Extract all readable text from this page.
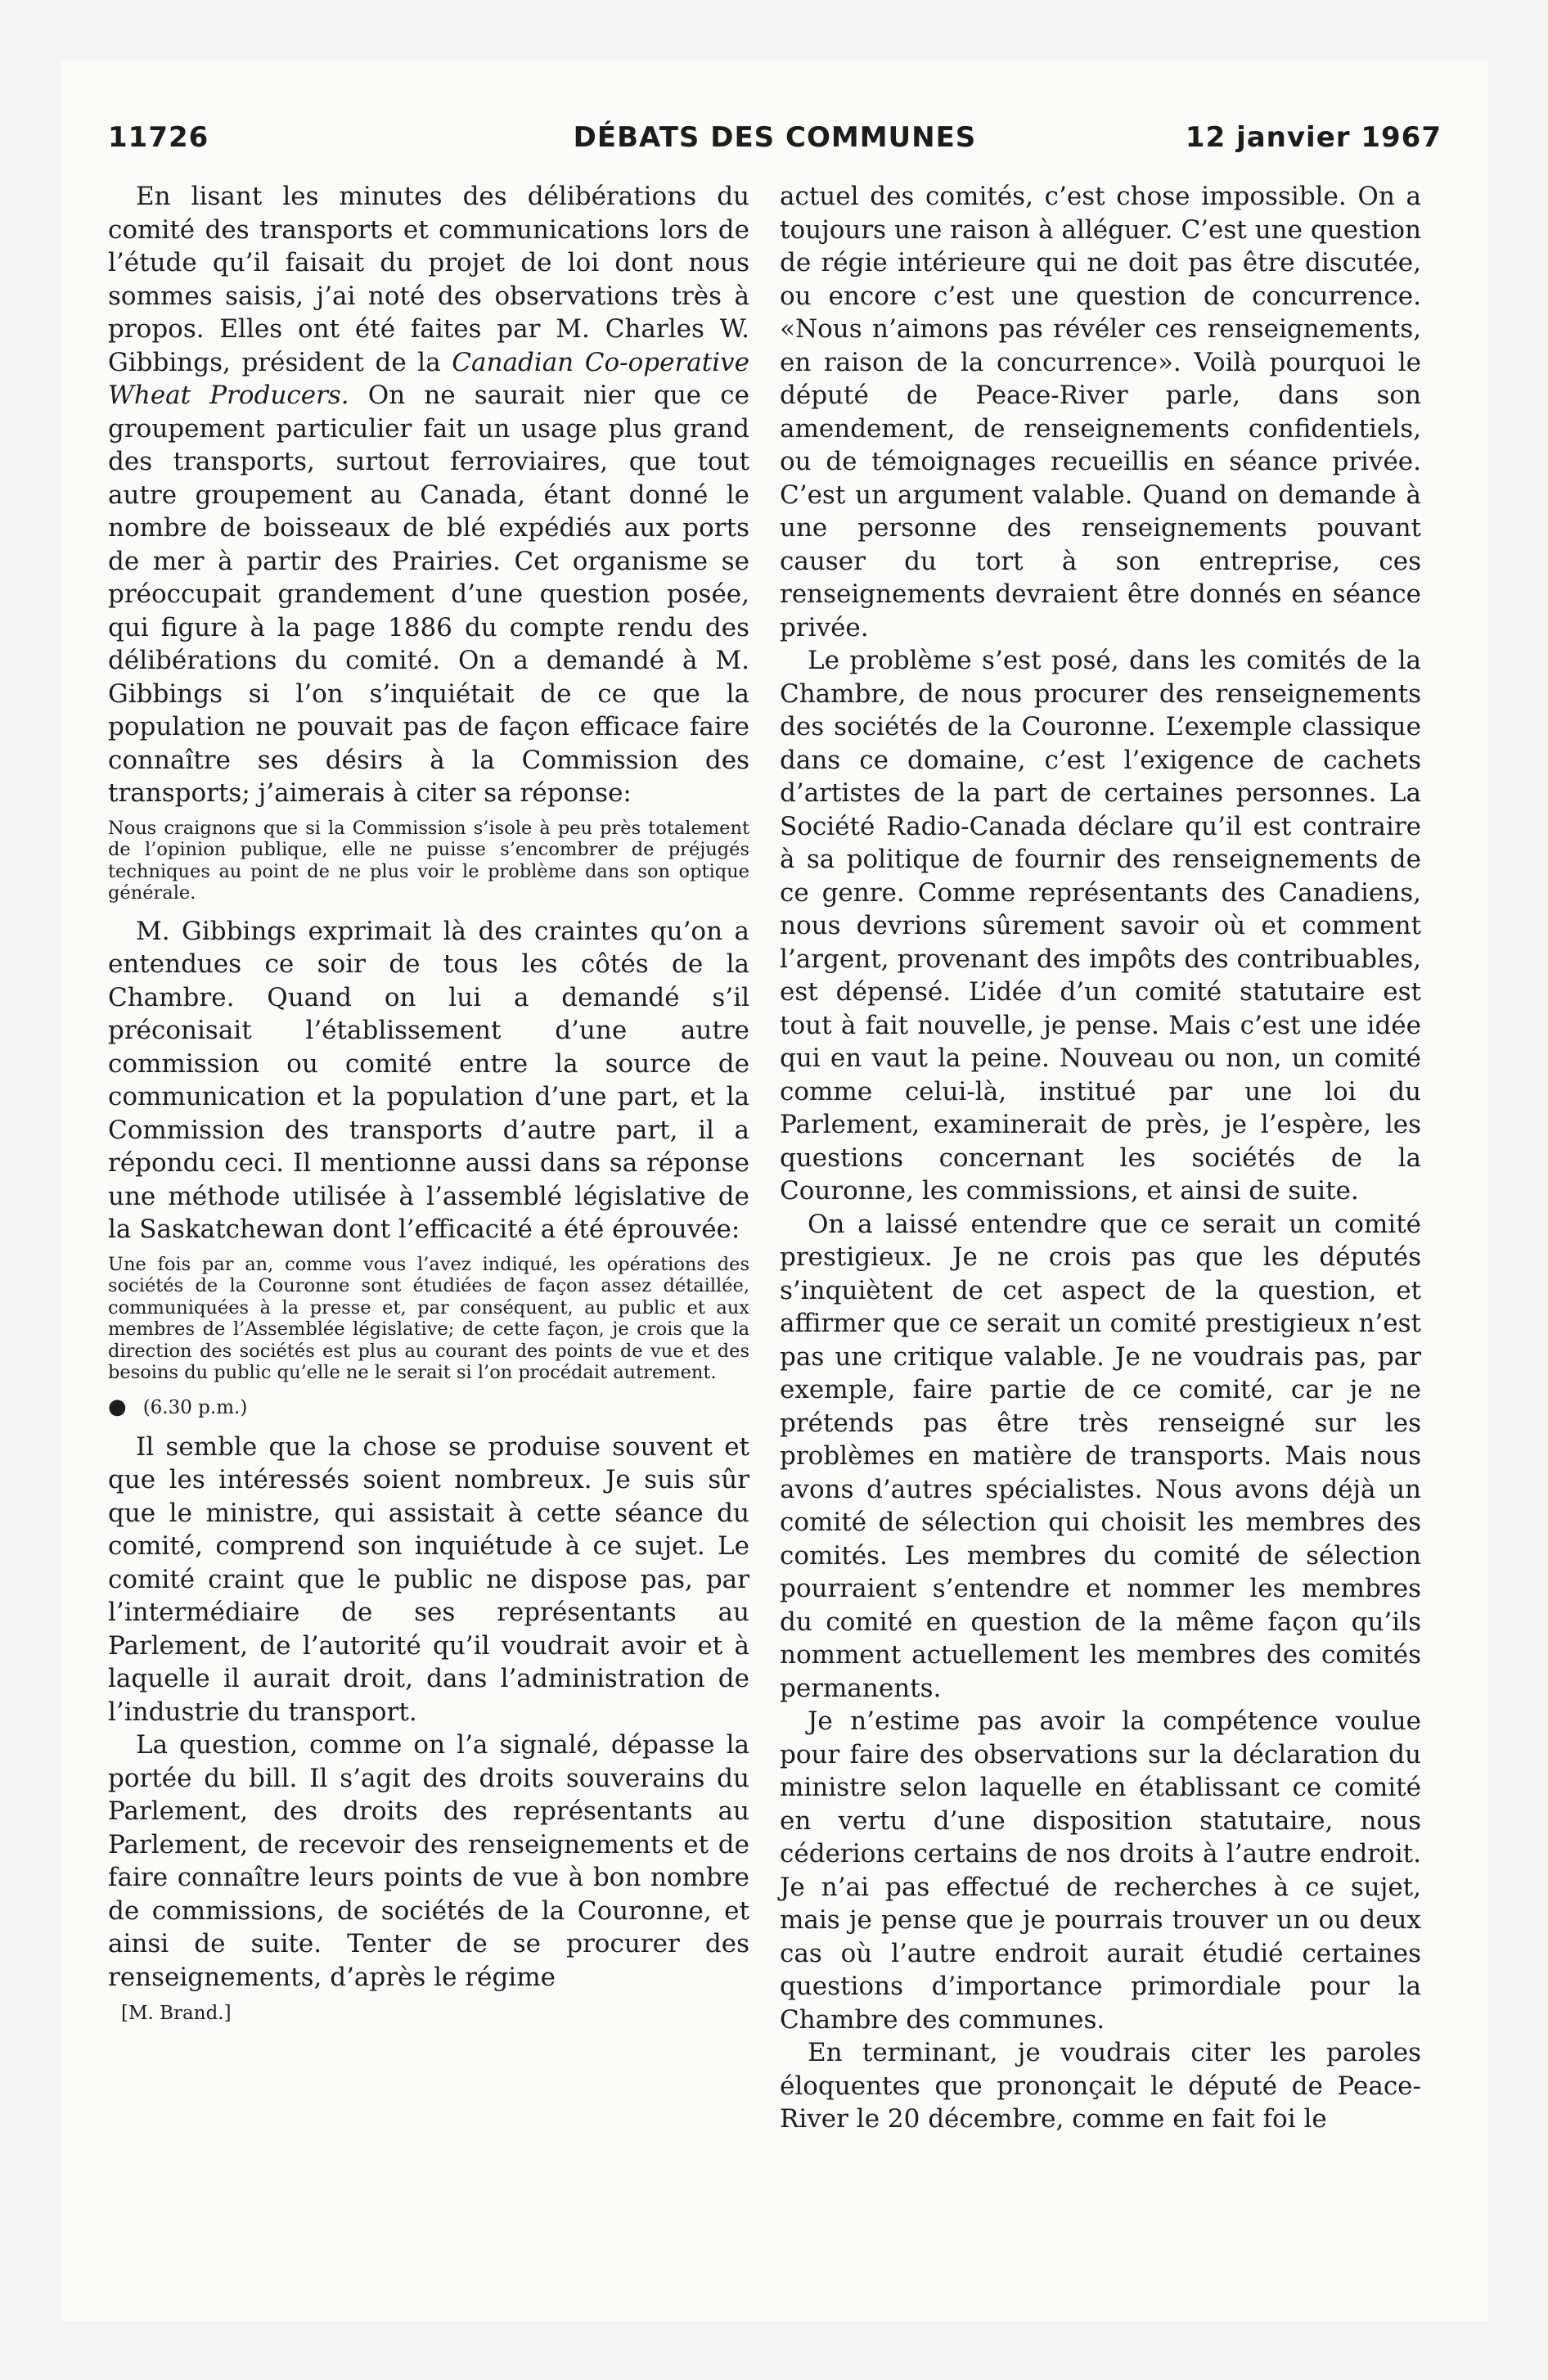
11726	DÉBATS DES COMMUNES	12 janvier 1967

En lisant les minutes des délibérations du comité des transports et communications lors de l’étude qu’il faisait du projet de loi dont nous sommes saisis, j’ai noté des observations très à propos. Elles ont été faites par M. Charles W. Gibbings, président de la Canadian Co-operative Wheat Producers. On ne saurait nier que ce groupement particulier fait un usage plus grand des transports, surtout ferroviaires, que tout autre groupement au Canada, étant donné le nombre de boisseaux de blé expédiés aux ports de mer à partir des Prairies. Cet organisme se préoccupait grandement d’une question posée, qui figure à la page 1886 du compte rendu des délibérations du comité. On a demandé à M. Gibbings si l’on s’inquiétait de ce que la population ne pouvait pas de façon efficace faire connaître ses désirs à la Commission des transports; j’aimerais à citer sa réponse:

Nous craignons que si la Commission s’isole à peu près totalement de l’opinion publique, elle ne puisse s’encombrer de préjugés techniques au point de ne plus voir le problème dans son optique générale.

M. Gibbings exprimait là des craintes qu’on a entendues ce soir de tous les côtés de la Chambre. Quand on lui a demandé s’il préconisait l’établissement d’une autre commission ou comité entre la source de communication et la population d’une part, et la Commission des transports d’autre part, il a répondu ceci. Il mentionne aussi dans sa réponse une méthode utilisée à l’assemblé législative de la Saskatchewan dont l’efficacité a été éprouvée:

Une fois par an, comme vous l’avez indiqué, les opérations des sociétés de la Couronne sont étudiées de façon assez détaillée, communiquées à la presse et, par conséquent, au public et aux membres de l’Assemblée législative; de cette façon, je crois que la direction des sociétés est plus au courant des points de vue et des besoins du public qu’elle ne le serait si l’on procédait autrement.

● (6.30 p.m.)

Il semble que la chose se produise souvent et que les intéressés soient nombreux. Je suis sûr que le ministre, qui assistait à cette séance du comité, comprend son inquiétude à ce sujet. Le comité craint que le public ne dispose pas, par l’intermédiaire de ses représentants au Parlement, de l’autorité qu’il voudrait avoir et à laquelle il aurait droit, dans l’administration de l’industrie du transport.

La question, comme on l’a signalé, dépasse la portée du bill. Il s’agit des droits souverains du Parlement, des droits des représentants au Parlement, de recevoir des renseignements et de faire connaître leurs points de vue à bon nombre de commissions, de sociétés de la Couronne, et ainsi de suite. Tenter de se procurer des renseignements, d’après le régime

[M. Brand.]

actuel des comités, c’est chose impossible. On a toujours une raison à alléguer. C’est une question de régie intérieure qui ne doit pas être discutée, ou encore c’est une question de concurrence. «Nous n’aimons pas révéler ces renseignements, en raison de la concurrence». Voilà pourquoi le député de Peace-River parle, dans son amendement, de renseignements confidentiels, ou de témoignages recueillis en séance privée. C’est un argument valable. Quand on demande à une personne des renseignements pouvant causer du tort à son entreprise, ces renseignements devraient être donnés en séance privée.

Le problème s’est posé, dans les comités de la Chambre, de nous procurer des renseignements des sociétés de la Couronne. L’exemple classique dans ce domaine, c’est l’exigence de cachets d’artistes de la part de certaines personnes. La Société Radio-Canada déclare qu’il est contraire à sa politique de fournir des renseignements de ce genre. Comme représentants des Canadiens, nous devrions sûrement savoir où et comment l’argent, provenant des impôts des contribuables, est dépensé. L’idée d’un comité statutaire est tout à fait nouvelle, je pense. Mais c’est une idée qui en vaut la peine. Nouveau ou non, un comité comme celui-là, institué par une loi du Parlement, examinerait de près, je l’espère, les questions concernant les sociétés de la Couronne, les commissions, et ainsi de suite.

On a laissé entendre que ce serait un comité prestigieux. Je ne crois pas que les députés s’inquiètent de cet aspect de la question, et affirmer que ce serait un comité prestigieux n’est pas une critique valable. Je ne voudrais pas, par exemple, faire partie de ce comité, car je ne prétends pas être très renseigné sur les problèmes en matière de transports. Mais nous avons d’autres spécialistes. Nous avons déjà un comité de sélection qui choisit les membres des comités. Les membres du comité de sélection pourraient s’entendre et nommer les membres du comité en question de la même façon qu’ils nomment actuellement les membres des comités permanents.

Je n’estime pas avoir la compétence voulue pour faire des observations sur la déclaration du ministre selon laquelle en établissant ce comité en vertu d’une disposition statutaire, nous céderions certains de nos droits à l’autre endroit. Je n’ai pas effectué de recherches à ce sujet, mais je pense que je pourrais trouver un ou deux cas où l’autre endroit aurait étudié certaines questions d’importance primordiale pour la Chambre des communes.

En terminant, je voudrais citer les paroles éloquentes que prononçait le député de Peace-River le 20 décembre, comme en fait foi le
